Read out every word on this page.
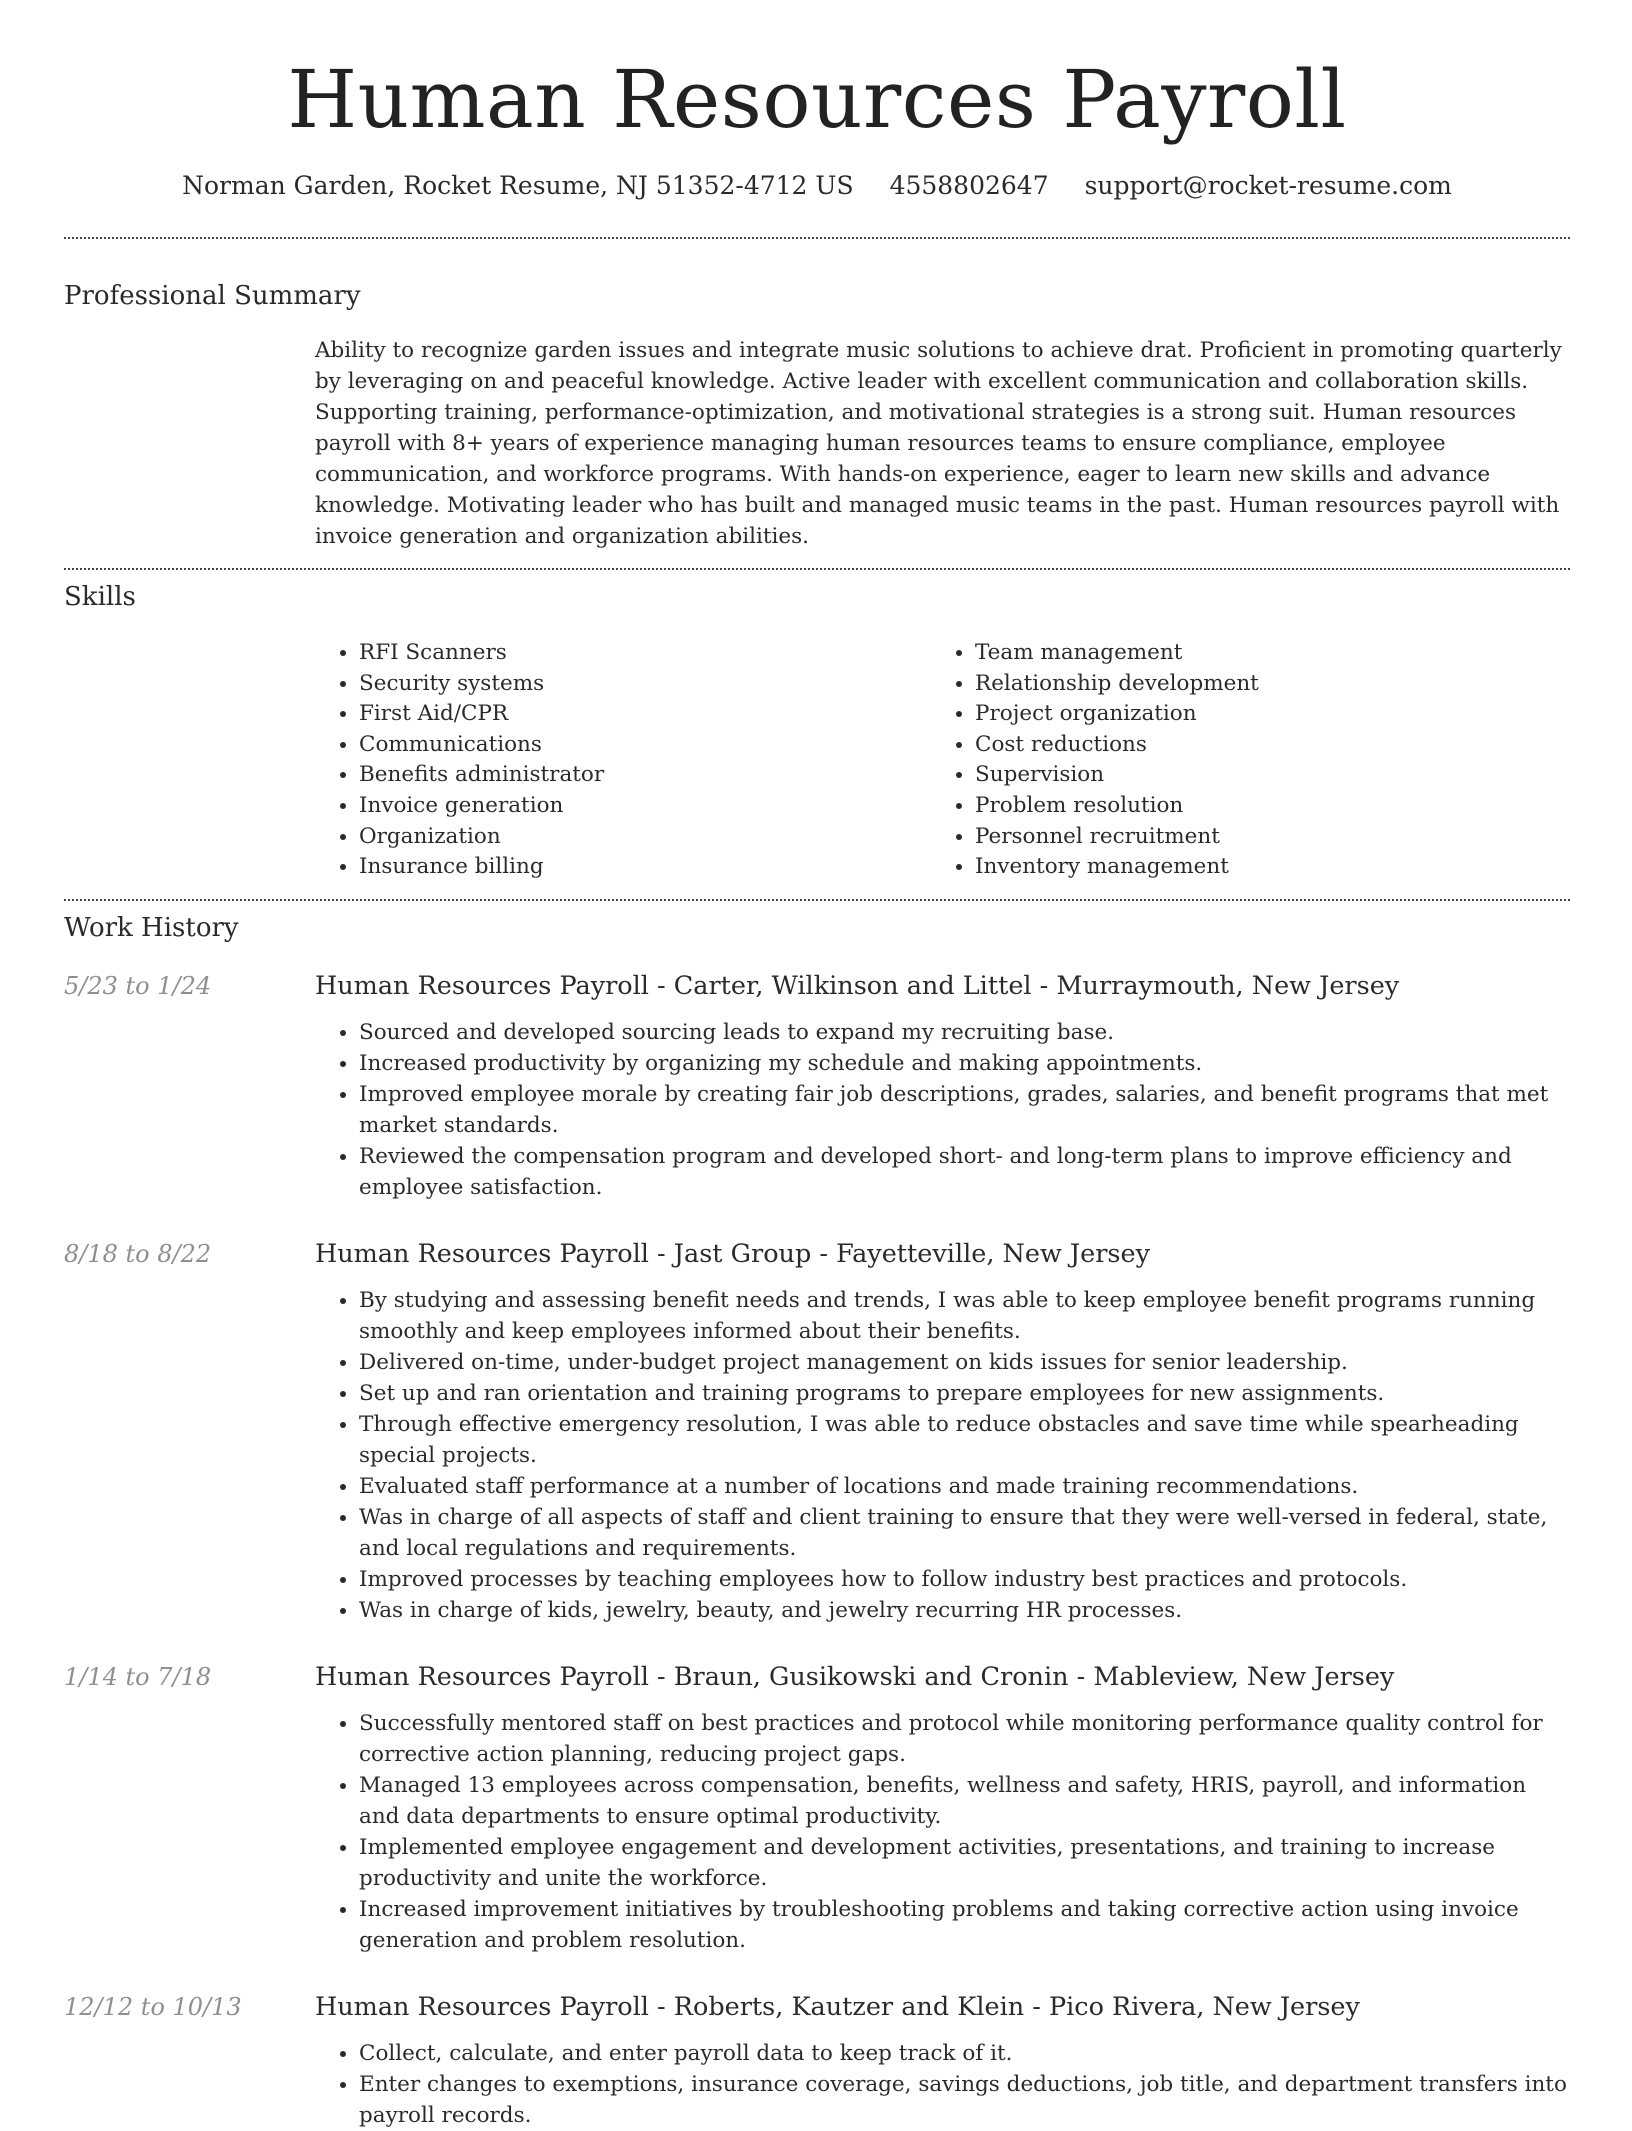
Human Resources Payroll
Norman Garden, Rocket Resume, NJ 51352-4712 US 4558802647 support@rocket-resume.com
Professional Summary
Ability to recognize garden issues and integrate music solutions to achieve drat. Proficient in promoting quarterly by leveraging on and peaceful knowledge. Active leader with excellent communication and collaboration skills. Supporting training, performance-optimization, and motivational strategies is a strong suit. Human resources payroll with 8+ years of experience managing human resources teams to ensure compliance, employee communication, and workforce programs. With hands-on experience, eager to learn new skills and advance knowledge. Motivating leader who has built and managed music teams in the past. Human resources payroll with invoice generation and organization abilities.
Skills
• RFI Scanners
• Security systems
• First Aid/CPR
• Communications
• Benefits administrator
• Invoice generation
• Organization
• Insurance billing
• Team management
• Relationship development
• Project organization
• Cost reductions
• Supervision
• Problem resolution
• Personnel recruitment
• Inventory management
Work History
5/23 to 1/24	Human Resources Payroll - Carter, Wilkinson and Littel - Murraymouth, New Jersey
• Sourced and developed sourcing leads to expand my recruiting base.
• Increased productivity by organizing my schedule and making appointments.
• Improved employee morale by creating fair job descriptions, grades, salaries, and benefit programs that met market standards.
• Reviewed the compensation program and developed short- and long-term plans to improve efficiency and employee satisfaction.
8/18 to 8/22	Human Resources Payroll - Jast Group - Fayetteville, New Jersey
• By studying and assessing benefit needs and trends, I was able to keep employee benefit programs running smoothly and keep employees informed about their benefits.
• Delivered on-time, under-budget project management on kids issues for senior leadership.
• Set up and ran orientation and training programs to prepare employees for new assignments.
• Through effective emergency resolution, I was able to reduce obstacles and save time while spearheading special projects.
• Evaluated staff performance at a number of locations and made training recommendations.
• Was in charge of all aspects of staff and client training to ensure that they were well-versed in federal, state, and local regulations and requirements.
• Improved processes by teaching employees how to follow industry best practices and protocols.
• Was in charge of kids, jewelry, beauty, and jewelry recurring HR processes.
1/14 to 7/18	Human Resources Payroll - Braun, Gusikowski and Cronin - Mableview, New Jersey
• Successfully mentored staff on best practices and protocol while monitoring performance quality control for corrective action planning, reducing project gaps.
• Managed 13 employees across compensation, benefits, wellness and safety, HRIS, payroll, and information and data departments to ensure optimal productivity.
• Implemented employee engagement and development activities, presentations, and training to increase productivity and unite the workforce.
• Increased improvement initiatives by troubleshooting problems and taking corrective action using invoice generation and problem resolution.
12/12 to 10/13	Human Resources Payroll - Roberts, Kautzer and Klein - Pico Rivera, New Jersey
• Collect, calculate, and enter payroll data to keep track of it.
• Enter changes to exemptions, insurance coverage, savings deductions, job title, and department transfers into payroll records.
